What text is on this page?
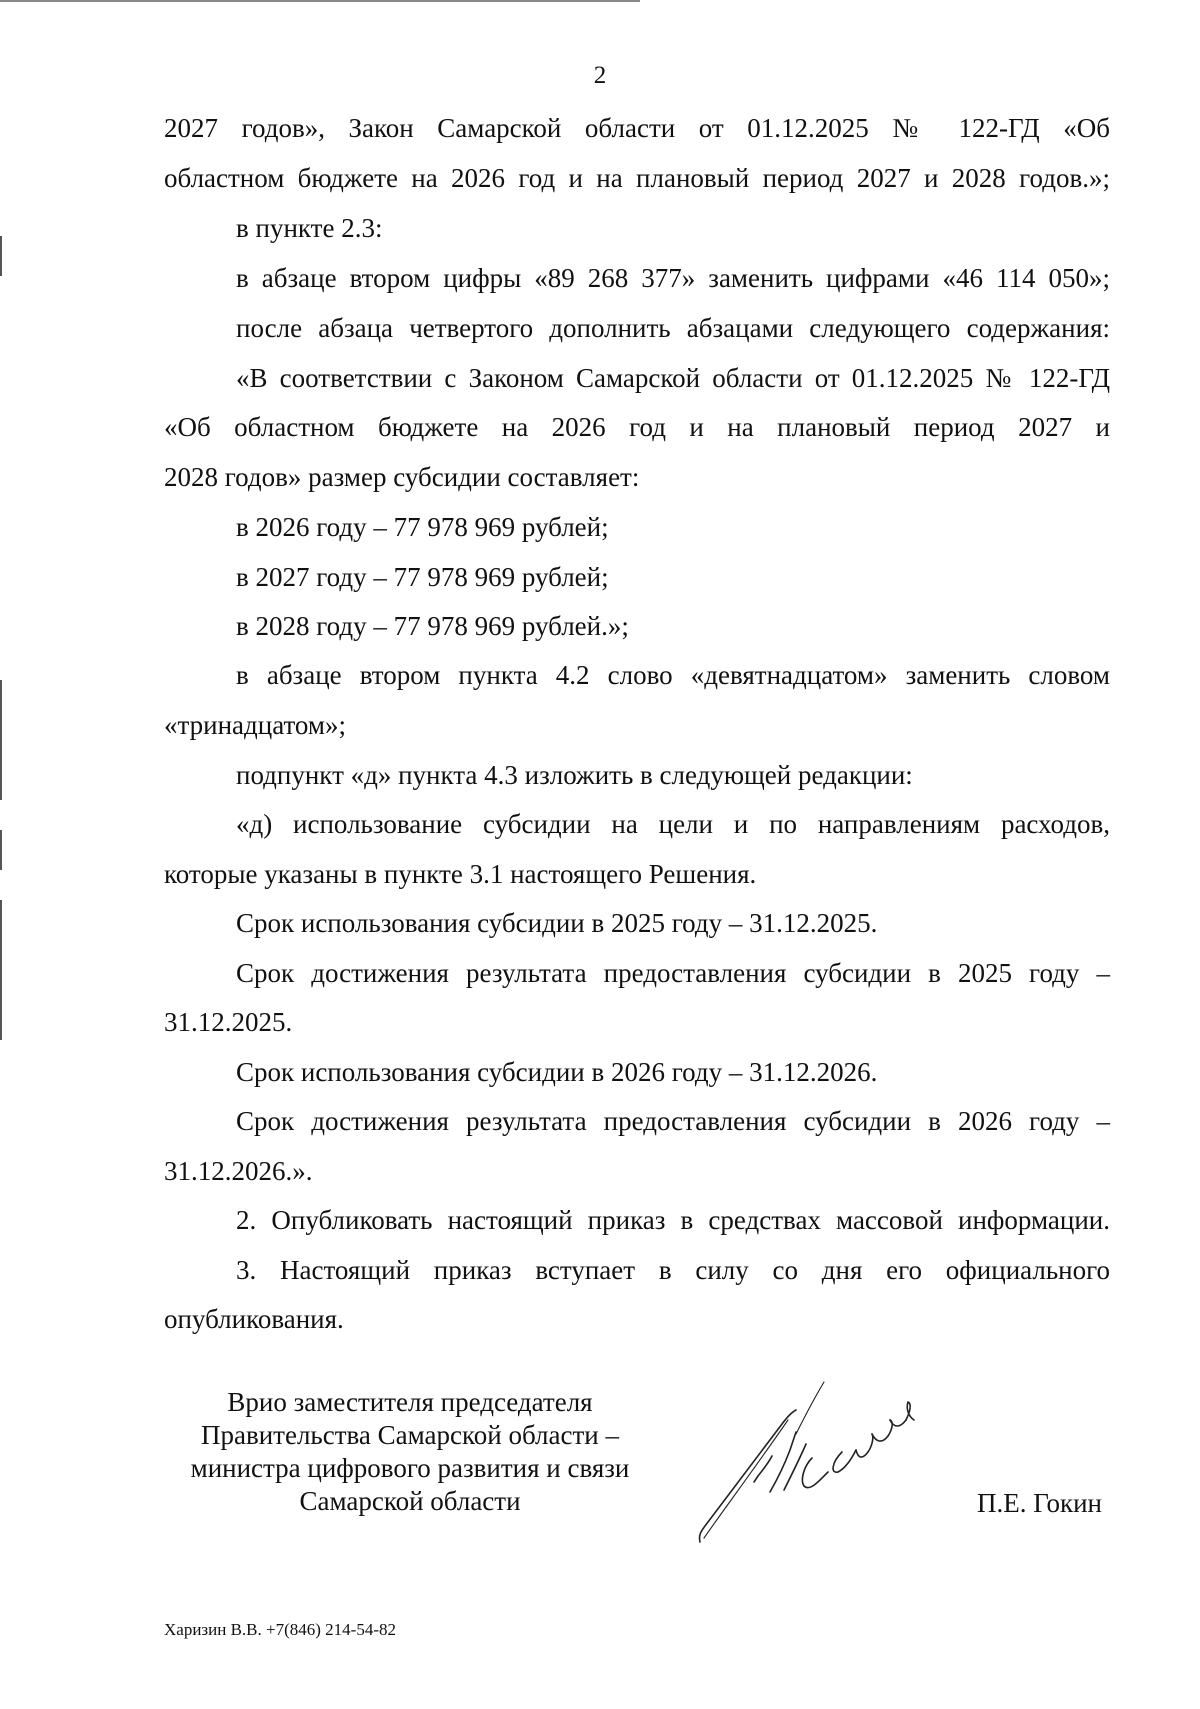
2
2027 годов», Закон Самарской области от 01.12.2025 № 122-ГД «Об
областном бюджете на 2026 год и на плановый период 2027 и 2028 годов.»;
в пункте 2.3:
в абзаце втором цифры «89 268 377» заменить цифрами «46 114 050»;
после абзаца четвертого дополнить абзацами следующего содержания:
«В соответствии с Законом Самарской области от 01.12.2025 № 122-ГД
«Об областном бюджете на 2026 год и на плановый период 2027 и
2028 годов» размер субсидии составляет:
в 2026 году – 77 978 969 рублей;
в 2027 году – 77 978 969 рублей;
в 2028 году – 77 978 969 рублей.»;
в абзаце втором пункта 4.2 слово «девятнадцатом» заменить словом
«тринадцатом»;
подпункт «д» пункта 4.3 изложить в следующей редакции:
«д) использование субсидии на цели и по направлениям расходов,
которые указаны в пункте 3.1 настоящего Решения.
Срок использования субсидии в 2025 году – 31.12.2025.
Срок достижения результата предоставления субсидии в 2025 году –
31.12.2025.
Срок использования субсидии в 2026 году – 31.12.2026.
Срок достижения результата предоставления субсидии в 2026 году –
31.12.2026.».
2. Опубликовать настоящий приказ в средствах массовой информации.
3. Настоящий приказ вступает в силу со дня его официального
опубликования.
Врио заместителя председателя
Правительства Самарской области –
министра цифрового развития и связи
Самарской области	П.Е. Гокин
Харизин В.В. +7(846) 214-54-82
